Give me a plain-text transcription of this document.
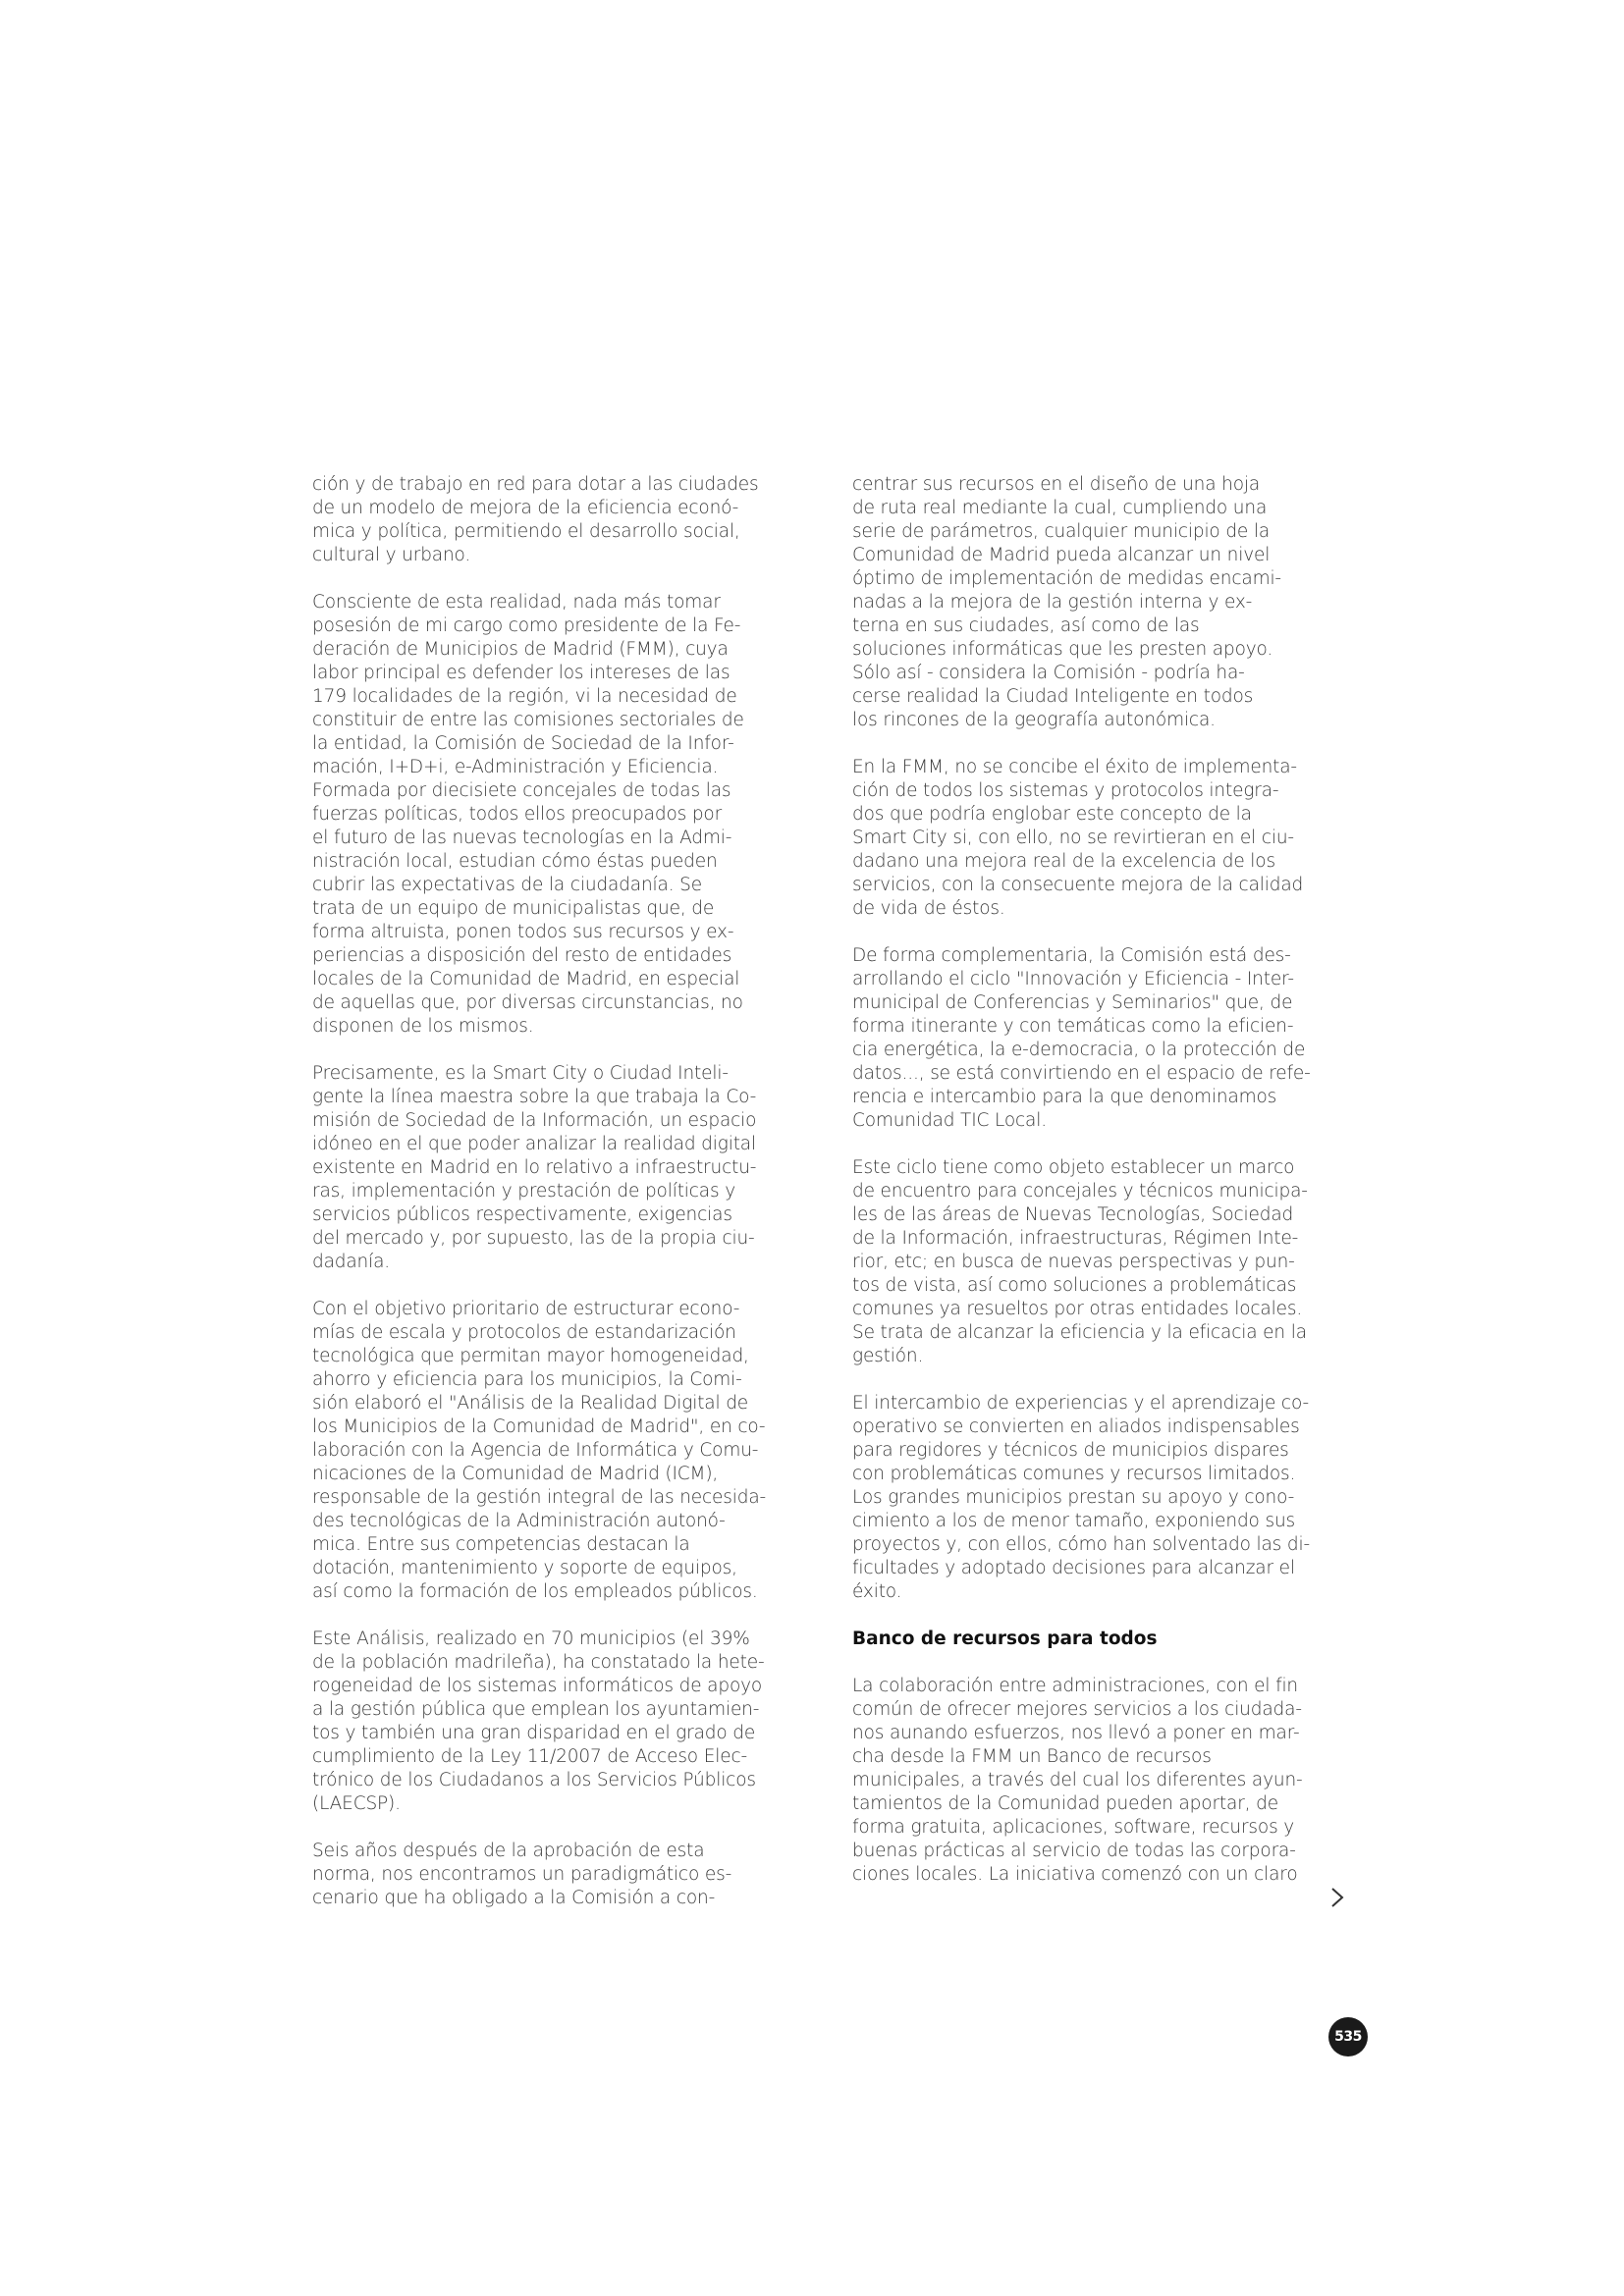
ción y de trabajo en red para dotar a las ciudades
de un modelo de mejora de la eficiencia econó-
mica y política, permitiendo el desarrollo social,
cultural y urbano.
Consciente de esta realidad, nada más tomar
posesión de mi cargo como presidente de la Fe-
deración de Municipios de Madrid (FMM), cuya
labor principal es defender los intereses de las
179 localidades de la región, vi la necesidad de
constituir de entre las comisiones sectoriales de
la entidad, la Comisión de Sociedad de la Infor-
mación, I+D+i, e-Administración y Eficiencia.
Formada por diecisiete concejales de todas las
fuerzas políticas, todos ellos preocupados por
el futuro de las nuevas tecnologías en la Admi-
nistración local, estudian cómo éstas pueden
cubrir las expectativas de la ciudadanía. Se
trata de un equipo de municipalistas que, de
forma altruista, ponen todos sus recursos y ex-
periencias a disposición del resto de entidades
locales de la Comunidad de Madrid, en especial
de aquellas que, por diversas circunstancias, no
disponen de los mismos.
Precisamente, es la Smart City o Ciudad Inteli-
gente la línea maestra sobre la que trabaja la Co-
misión de Sociedad de la Información, un espacio
idóneo en el que poder analizar la realidad digital
existente en Madrid en lo relativo a infraestructu-
ras, implementación y prestación de políticas y
servicios públicos respectivamente, exigencias
del mercado y, por supuesto, las de la propia ciu-
dadanía.
Con el objetivo prioritario de estructurar econo-
mías de escala y protocolos de estandarización
tecnológica que permitan mayor homogeneidad,
ahorro y eficiencia para los municipios, la Comi-
sión elaboró el "Análisis de la Realidad Digital de
los Municipios de la Comunidad de Madrid", en co-
laboración con la Agencia de Informática y Comu-
nicaciones de la Comunidad de Madrid (ICM),
responsable de la gestión integral de las necesida-
des tecnológicas de la Administración autonó-
mica. Entre sus competencias destacan la
dotación, mantenimiento y soporte de equipos,
así como la formación de los empleados públicos.
Este Análisis, realizado en 70 municipios (el 39%
de la población madrileña), ha constatado la hete-
rogeneidad de los sistemas informáticos de apoyo
a la gestión pública que emplean los ayuntamien-
tos y también una gran disparidad en el grado de
cumplimiento de la Ley 11/2007 de Acceso Elec-
trónico de los Ciudadanos a los Servicios Públicos
(LAECSP).
Seis años después de la aprobación de esta
norma, nos encontramos un paradigmático es-
cenario que ha obligado a la Comisión a con-
centrar sus recursos en el diseño de una hoja
de ruta real mediante la cual, cumpliendo una
serie de parámetros, cualquier municipio de la
Comunidad de Madrid pueda alcanzar un nivel
óptimo de implementación de medidas encami-
nadas a la mejora de la gestión interna y ex-
terna en sus ciudades, así como de las
soluciones informáticas que les presten apoyo.
Sólo así - considera la Comisión - podría ha-
cerse realidad la Ciudad Inteligente en todos
los rincones de la geografía autonómica.
En la FMM, no se concibe el éxito de implementa-
ción de todos los sistemas y protocolos integra-
dos que podría englobar este concepto de la
Smart City si, con ello, no se revirtieran en el ciu-
dadano una mejora real de la excelencia de los
servicios, con la consecuente mejora de la calidad
de vida de éstos.
De forma complementaria, la Comisión está des-
arrollando el ciclo "Innovación y Eficiencia - Inter-
municipal de Conferencias y Seminarios" que, de
forma itinerante y con temáticas como la eficien-
cia energética, la e-democracia, o la protección de
datos..., se está convirtiendo en el espacio de refe-
rencia e intercambio para la que denominamos
Comunidad TIC Local.
Este ciclo tiene como objeto establecer un marco
de encuentro para concejales y técnicos municipa-
les de las áreas de Nuevas Tecnologías, Sociedad
de la Información, infraestructuras, Régimen Inte-
rior, etc; en busca de nuevas perspectivas y pun-
tos de vista, así como soluciones a problemáticas
comunes ya resueltos por otras entidades locales.
Se trata de alcanzar la eficiencia y la eficacia en la
gestión.
El intercambio de experiencias y el aprendizaje co-
operativo se convierten en aliados indispensables
para regidores y técnicos de municipios dispares
con problemáticas comunes y recursos limitados.
Los grandes municipios prestan su apoyo y cono-
cimiento a los de menor tamaño, exponiendo sus
proyectos y, con ellos, cómo han solventado las di-
ficultades y adoptado decisiones para alcanzar el
éxito.
Banco de recursos para todos
La colaboración entre administraciones, con el fin
común de ofrecer mejores servicios a los ciudada-
nos aunando esfuerzos, nos llevó a poner en mar-
cha desde la FMM un Banco de recursos
municipales, a través del cual los diferentes ayun-
tamientos de la Comunidad pueden aportar, de
forma gratuita, aplicaciones, software, recursos y
buenas prácticas al servicio de todas las corpora-
ciones locales. La iniciativa comenzó con un claro
535
